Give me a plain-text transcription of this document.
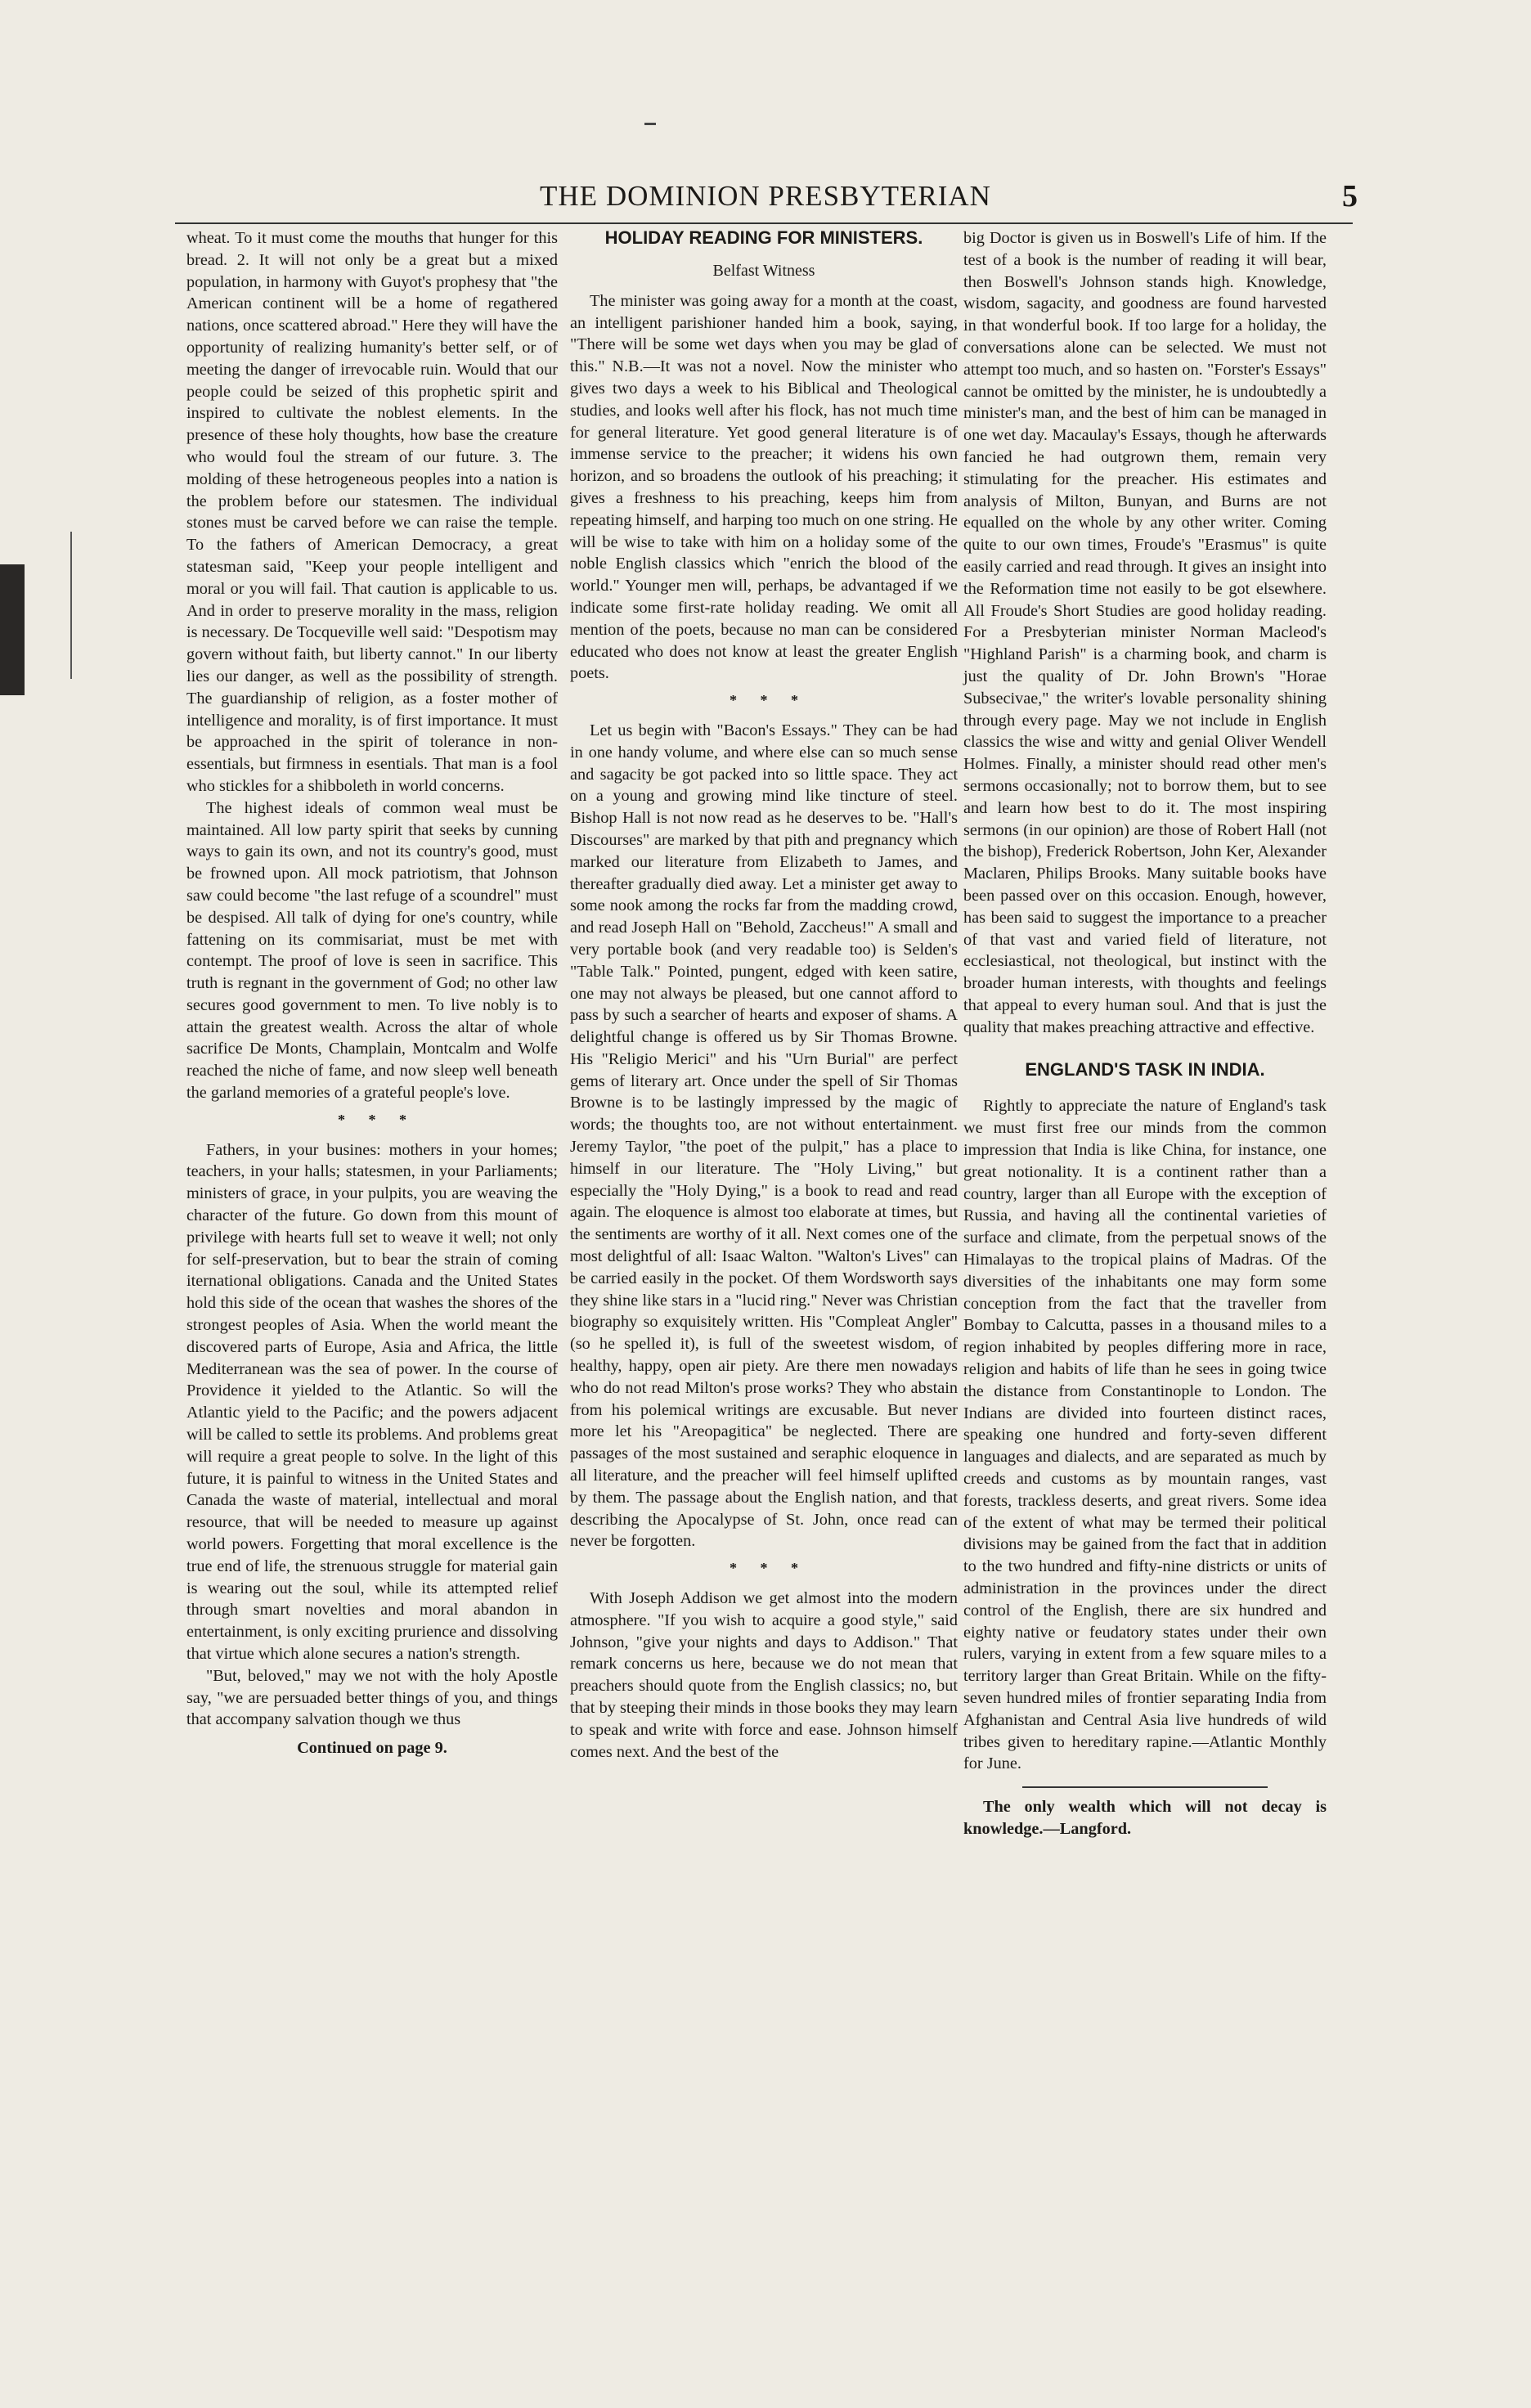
THE DOMINION PRESBYTERIAN	5

wheat. To it must come the mouths that hunger for this bread. 2. It will not only be a great but a mixed population, in harmony with Guyot's prophesy that "the American continent will be a home of regathered nations, once scattered abroad." Here they will have the opportunity of realizing humanity's better self, or of meeting the danger of irrevocable ruin. Would that our people could be seized of this prophetic spirit and inspired to cultivate the noblest elements. In the presence of these holy thoughts, how base the creature who would foul the stream of our future. 3. The molding of these hetrogeneous peoples into a nation is the problem before our statesmen. The individual stones must be carved before we can raise the temple. To the fathers of American Democracy, a great statesman said, "Keep your people intelligent and moral or you will fail. That caution is applicable to us. And in order to preserve morality in the mass, religion is necessary. De Tocqueville well said: "Despotism may govern without faith, but liberty cannot." In our liberty lies our danger, as well as the possibility of strength. The guardianship of religion, as a foster mother of intelligence and morality, is of first importance. It must be approached in the spirit of tolerance in non-essentials, but firmness in esentials. That man is a fool who stickles for a shibboleth in world concerns.

The highest ideals of common weal must be maintained. All low party spirit that seeks by cunning ways to gain its own, and not its country's good, must be frowned upon. All mock patriotism, that Johnson saw could become "the last refuge of a scoundrel" must be despised. All talk of dying for one's country, while fattening on its commisariat, must be met with contempt. The proof of love is seen in sacrifice. This truth is regnant in the government of God; no other law secures good government to men. To live nobly is to attain the greatest wealth. Across the altar of whole sacrifice De Monts, Champlain, Montcalm and Wolfe reached the niche of fame, and now sleep well beneath the garland memories of a grateful people's love.

* * *

Fathers, in your busines: mothers in your homes; teachers, in your halls; statesmen, in your Parliaments; ministers of grace, in your pulpits, you are weaving the character of the future. Go down from this mount of privilege with hearts full set to weave it well; not only for self-preservation, but to bear the strain of coming iternational obligations. Canada and the United States hold this side of the ocean that washes the shores of the strongest peoples of Asia. When the world meant the discovered parts of Europe, Asia and Africa, the little Mediterranean was the sea of power. In the course of Providence it yielded to the Atlantic. So will the Atlantic yield to the Pacific; and the powers adjacent will be called to settle its problems. And problems great will require a great people to solve. In the light of this future, it is painful to witness in the United States and Canada the waste of material, intellectual and moral resource, that will be needed to measure up against world powers. Forgetting that moral excellence is the true end of life, the strenuous struggle for material gain is wearing out the soul, while its attempted relief through smart novelties and moral abandon in entertainment, is only exciting prurience and dissolving that virtue which alone secures a nation's strength.

"But, beloved," may we not with the holy Apostle say, "we are persuaded better things of you, and things that accompany salvation though we thus

Continued on page 9.
HOLIDAY READING FOR MINISTERS.
Belfast Witness

The minister was going away for a month at the coast, an intelligent parishioner handed him a book, saying, "There will be some wet days when you may be glad of this." N.B.—It was not a novel. Now the minister who gives two days a week to his Biblical and Theological studies, and looks well after his flock, has not much time for general literature. Yet good general literature is of immense service to the preacher; it widens his own horizon, and so broadens the outlook of his preaching; it gives a freshness to his preaching, keeps him from repeating himself, and harping too much on one string. He will be wise to take with him on a holiday some of the noble English classics which "enrich the blood of the world." Younger men will, perhaps, be advantaged if we indicate some first-rate holiday reading. We omit all mention of the poets, because no man can be considered educated who does not know at least the greater English poets.

* * *

Let us begin with "Bacon's Essays." They can be had in one handy volume, and where else can so much sense and sagacity be got packed into so little space. They act on a young and growing mind like tincture of steel. Bishop Hall is not now read as he deserves to be. "Hall's Discourses" are marked by that pith and pregnancy which marked our literature from Elizabeth to James, and thereafter gradually died away. Let a minister get away to some nook among the rocks far from the madding crowd, and read Joseph Hall on "Behold, Zaccheus!" A small and very portable book (and very readable too) is Selden's "Table Talk." Pointed, pungent, edged with keen satire, one may not always be pleased, but one cannot afford to pass by such a searcher of hearts and exposer of shams. A delightful change is offered us by Sir Thomas Browne. His "Religio Merici" and his "Urn Burial" are perfect gems of literary art. Once under the spell of Sir Thomas Browne is to be lastingly impressed by the magic of words; the thoughts too, are not without entertainment. Jeremy Taylor, "the poet of the pulpit," has a place to himself in our literature. The "Holy Living," but especially the "Holy Dying," is a book to read and read again. The eloquence is almost too elaborate at times, but the sentiments are worthy of it all. Next comes one of the most delightful of all: Isaac Walton. "Walton's Lives" can be carried easily in the pocket. Of them Wordsworth says they shine like stars in a "lucid ring." Never was Christian biography so exquisitely written. His "Compleat Angler" (so he spelled it), is full of the sweetest wisdom, of healthy, happy, open air piety. Are there men nowadays who do not read Milton's prose works? They who abstain from his polemical writings are excusable. But never more let his "Areopagitica" be neglected. There are passages of the most sustained and seraphic eloquence in all literature, and the preacher will feel himself uplifted by them. The passage about the English nation, and that describing the Apocalypse of St. John, once read can never be forgotten.

* * *

With Joseph Addison we get almost into the modern atmosphere. "If you wish to acquire a good style," said Johnson, "give your nights and days to Addison." That remark concerns us here, because we do not mean that preachers should quote from the English classics; no, but that by steeping their minds in those books they may learn to speak and write with force and ease. Johnson himself comes next. And the best of the

big Doctor is given us in Boswell's Life of him. If the test of a book is the number of reading it will bear, then Boswell's Johnson stands high. Knowledge, wisdom, sagacity, and goodness are found harvested in that wonderful book. If too large for a holiday, the conversations alone can be selected. We must not attempt too much, and so hasten on. "Forster's Essays" cannot be omitted by the minister, he is undoubtedly a minister's man, and the best of him can be managed in one wet day. Macaulay's Essays, though he afterwards fancied he had outgrown them, remain very stimulating for the preacher. His estimates and analysis of Milton, Bunyan, and Burns are not equalled on the whole by any other writer. Coming quite to our own times, Froude's "Erasmus" is quite easily carried and read through. It gives an insight into the Reformation time not easily to be got elsewhere. All Froude's Short Studies are good holiday reading. For a Presbyterian minister Norman Macleod's "Highland Parish" is a charming book, and charm is just the quality of Dr. John Brown's "Horae Subsecivae," the writer's lovable personality shining through every page. May we not include in English classics the wise and witty and genial Oliver Wendell Holmes. Finally, a minister should read other men's sermons occasionally; not to borrow them, but to see and learn how best to do it. The most inspiring sermons (in our opinion) are those of Robert Hall (not the bishop), Frederick Robertson, John Ker, Alexander Maclaren, Philips Brooks. Many suitable books have been passed over on this occasion. Enough, however, has been said to suggest the importance to a preacher of that vast and varied field of literature, not ecclesiastical, not theological, but instinct with the broader human interests, with thoughts and feelings that appeal to every human soul. And that is just the quality that makes preaching attractive and effective.

ENGLAND'S TASK IN INDIA.

Rightly to appreciate the nature of England's task we must first free our minds from the common impression that India is like China, for instance, one great notionality. It is a continent rather than a country, larger than all Europe with the exception of Russia, and having all the continental varieties of surface and climate, from the perpetual snows of the Himalayas to the tropical plains of Madras. Of the diversities of the inhabitants one may form some conception from the fact that the traveller from Bombay to Calcutta, passes in a thousand miles to a region inhabited by peoples differing more in race, religion and habits of life than he sees in going twice the distance from Constantinople to London. The Indians are divided into fourteen distinct races, speaking one hundred and forty-seven different languages and dialects, and are separated as much by creeds and customs as by mountain ranges, vast forests, trackless deserts, and great rivers. Some idea of the extent of what may be termed their political divisions may be gained from the fact that in addition to the two hundred and fifty-nine districts or units of administration in the provinces under the direct control of the English, there are six hundred and eighty native or feudatory states under their own rulers, varying in extent from a few square miles to a territory larger than Great Britain. While on the fifty-seven hundred miles of frontier separating India from Afghanistan and Central Asia live hundreds of wild tribes given to hereditary rapine.—Atlantic Monthly for June.

The only wealth which will not decay is knowledge.—Langford.
